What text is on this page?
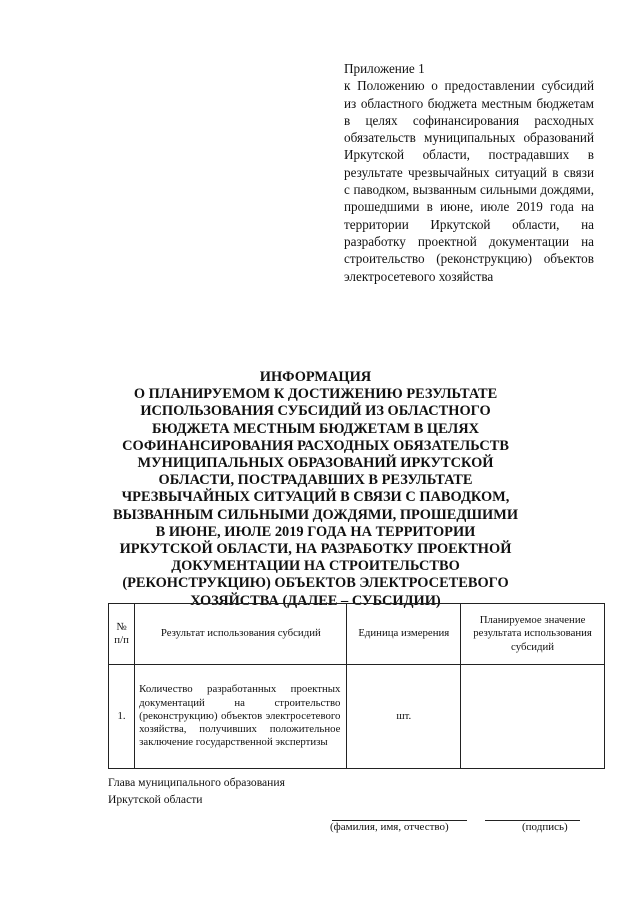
Приложение 1
к Положению о предоставлении субсидий из областного бюджета местным бюджетам в целях софинансирования расходных обязательств муниципальных образований Иркутской области, пострадавших в результате чрезвычайных ситуаций в связи с паводком, вызванным сильными дождями, прошедшими в июне, июле 2019 года на территории Иркутской области, на разработку проектной документации на строительство (реконструкцию) объектов электросетевого хозяйства
ИНФОРМАЦИЯ
О ПЛАНИРУЕМОМ К ДОСТИЖЕНИЮ РЕЗУЛЬТАТЕ ИСПОЛЬЗОВАНИЯ СУБСИДИЙ ИЗ ОБЛАСТНОГО БЮДЖЕТА МЕСТНЫМ БЮДЖЕТАМ В ЦЕЛЯХ СОФИНАНСИРОВАНИЯ РАСХОДНЫХ ОБЯЗАТЕЛЬСТВ МУНИЦИПАЛЬНЫХ ОБРАЗОВАНИЙ ИРКУТСКОЙ ОБЛАСТИ, ПОСТРАДАВШИХ В РЕЗУЛЬТАТЕ ЧРЕЗВЫЧАЙНЫХ СИТУАЦИЙ В СВЯЗИ С ПАВОДКОМ, ВЫЗВАННЫМ СИЛЬНЫМИ ДОЖДЯМИ, ПРОШЕДШИМИ В ИЮНЕ, ИЮЛЕ 2019 ГОДА НА ТЕРРИТОРИИ ИРКУТСКОЙ ОБЛАСТИ, НА РАЗРАБОТКУ ПРОЕКТНОЙ ДОКУМЕНТАЦИИ НА СТРОИТЕЛЬСТВО (РЕКОНСТРУКЦИЮ) ОБЪЕКТОВ ЭЛЕКТРОСЕТЕВОГО ХОЗЯЙСТВА (ДАЛЕЕ – СУБСИДИИ)
№ п/п	Результат использования субсидий	Единица измерения	Планируемое значение результата использования субсидий

1.	Количество разработанных проектных документаций на строительство (реконструкцию) объектов электросетевого хозяйства, получивших положительное заключение государственной экспертизы	шт.	
Глава муниципального образования
Иркутской области
(фамилия, имя, отчество)	(подпись)
